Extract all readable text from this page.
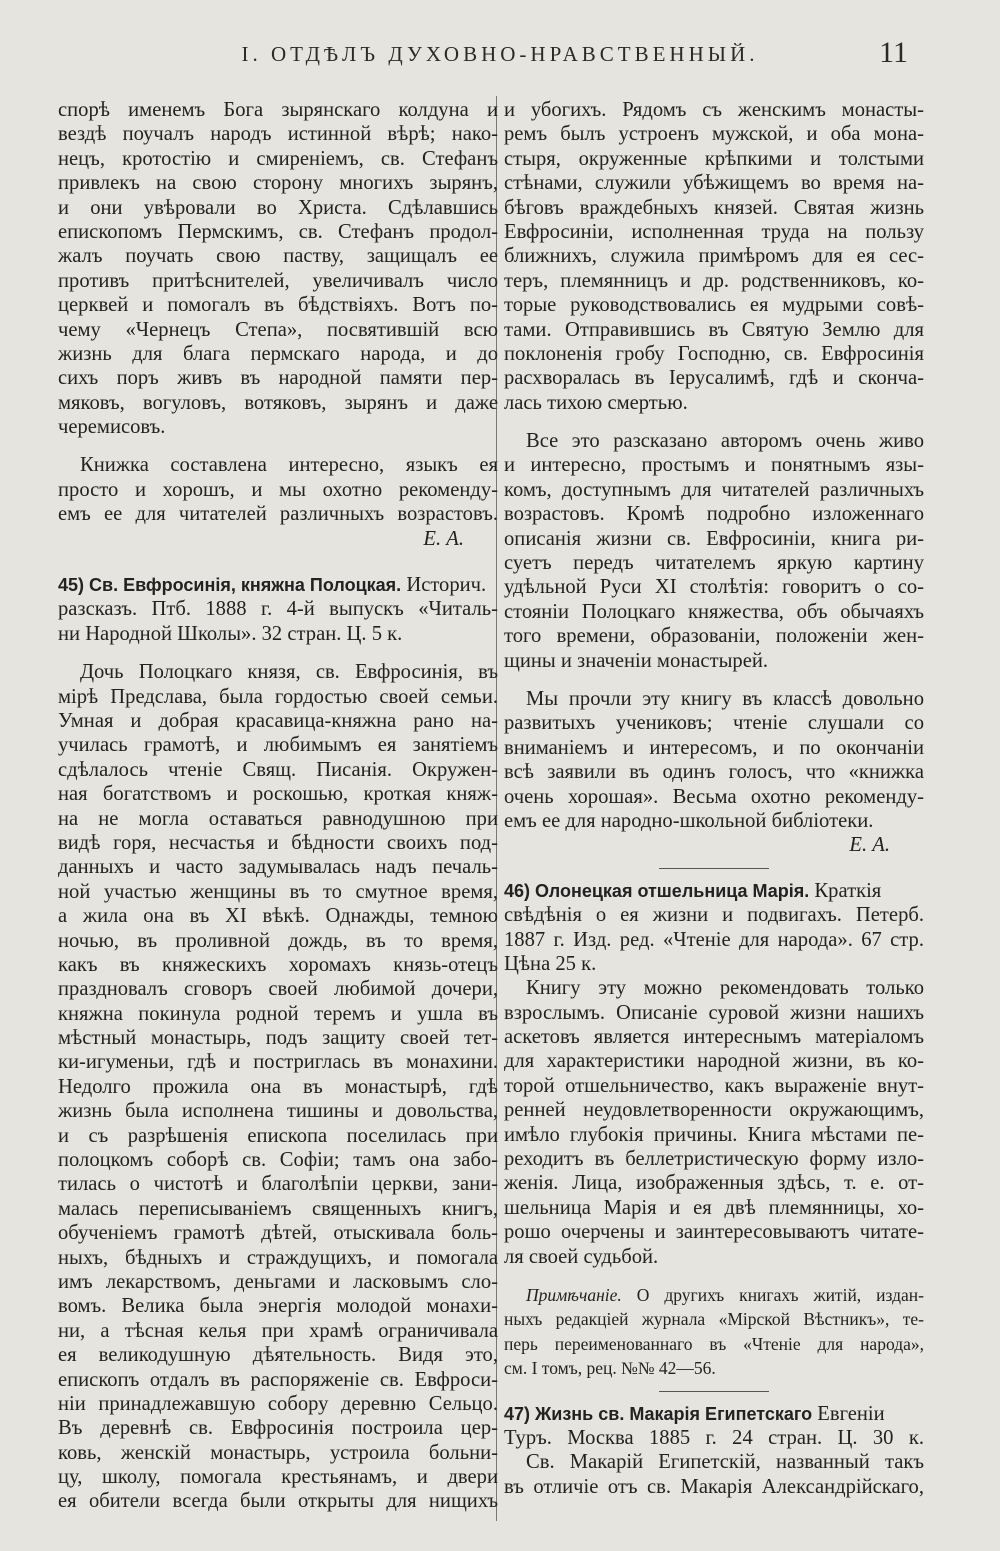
I. ОТДѢЛЪ ДУХОВНО-НРАВСТВЕННЫЙ.	11
спорѣ именемъ Бога зырянскаго колдуна и
вездѣ поучалъ народъ истинной вѣрѣ; нако-
нецъ, кротостію и смиреніемъ, св. Стефанъ
привлекъ на свою сторону многихъ зырянъ,
и они увѣровали во Христа. Сдѣлавшись
епископомъ Пермскимъ, св. Стефанъ продол-
жалъ поучать свою паству, защищалъ ее
противъ притѣснителей, увеличивалъ число
церквей и помогалъ въ бѣдствіяхъ. Вотъ по-
чему «Чернецъ Степа», посвятившій всю
жизнь для блага пермскаго народа, и до
сихъ поръ живъ въ народной памяти пер-
мяковъ, вогуловъ, вотяковъ, зырянъ и даже
черемисовъ.
Книжка составлена интересно, языкъ ея
просто и хорошъ, и мы охотно рекоменду-
емъ ее для читателей различныхъ возрастовъ.
Е. А.
45) Св. Евфросинія, княжна Полоцкая. Историч.
разсказъ. Птб. 1888 г. 4-й выпускъ «Читаль-
ни Народной Школы». 32 стран. Ц. 5 к.
Дочь Полоцкаго князя, св. Евфросинія, въ
мірѣ Предслава, была гордостью своей семьи.
Умная и добрая красавица-княжна рано на-
училась грамотѣ, и любимымъ ея занятіемъ
сдѣлалось чтеніе Свящ. Писанія. Окружен-
ная богатствомъ и роскошью, кроткая княж-
на не могла оставаться равнодушною при
видѣ горя, несчастья и бѣдности своихъ под-
данныхъ и часто задумывалась надъ печаль-
ной участью женщины въ то смутное время,
а жила она въ XI вѣкѣ. Однажды, темною
ночью, въ проливной дождь, въ то время,
какъ въ княжескихъ хоромахъ князь-отецъ
праздновалъ сговоръ своей любимой дочери,
княжна покинула родной теремъ и ушла въ
мѣстный монастырь, подъ защиту своей тет-
ки-игуменьи, гдѣ и постриглась въ монахини.
Недолго прожила она въ монастырѣ, гдѣ
жизнь была исполнена тишины и довольства,
и съ разрѣшенія епископа поселилась при
полоцкомъ соборѣ св. Софіи; тамъ она забо-
тилась о чистотѣ и благолѣпіи церкви, зани-
малась переписываніемъ священныхъ книгъ,
обученіемъ грамотѣ дѣтей, отыскивала боль-
ныхъ, бѣдныхъ и страждущихъ, и помогала
имъ лекарствомъ, деньгами и ласковымъ сло-
вомъ. Велика была энергія молодой монахи-
ни, а тѣсная келья при храмѣ ограничивала
ея великодушную дѣятельность. Видя это,
епископъ отдалъ въ распоряженіе св. Евфроси-
ніи принадлежавшую собору деревню Сельцо.
Въ деревнѣ св. Евфросинія построила цер-
ковь, женскій монастырь, устроила больни-
цу, школу, помогала крестьянамъ, и двери
ея обители всегда были открыты для нищихъ
и убогихъ. Рядомъ съ женскимъ монасты-
ремъ былъ устроенъ мужской, и оба мона-
стыря, окруженные крѣпкими и толстыми
стѣнами, служили убѣжищемъ во время на-
бѣговъ враждебныхъ князей. Святая жизнь
Евфросиніи, исполненная труда на пользу
ближнихъ, служила примѣромъ для ея сес-
теръ, племянницъ и др. родственниковъ, ко-
торые руководствовались ея мудрыми совѣ-
тами. Отправившись въ Святую Землю для
поклоненія гробу Господню, св. Евфросинія
расхворалась въ Іерусалимѣ, гдѣ и сконча-
лась тихою смертью.
Все это разсказано авторомъ очень живо
и интересно, простымъ и понятнымъ язы-
комъ, доступнымъ для читателей различныхъ
возрастовъ. Кромѣ подробно изложеннаго
описанія жизни св. Евфросиніи, книга ри-
суетъ передъ читателемъ яркую картину
удѣльной Руси XI столѣтія: говоритъ о со-
стояніи Полоцкаго княжества, объ обычаяхъ
того времени, образованіи, положеніи жен-
щины и значеніи монастырей.
Мы прочли эту книгу въ классѣ довольно
развитыхъ учениковъ; чтеніе слушали со
вниманіемъ и интересомъ, и по окончаніи
всѣ заявили въ одинъ голосъ, что «книжка
очень хорошая». Весьма охотно рекоменду-
емъ ее для народно-школьной библіотеки.
Е. А.
46) Олонецкая отшельница Марія. Краткія
свѣдѣнія о ея жизни и подвигахъ. Петерб.
1887 г. Изд. ред. «Чтеніе для народа». 67 стр.
Цѣна 25 к.
Книгу эту можно рекомендовать только
взрослымъ. Описаніе суровой жизни нашихъ
аскетовъ является интереснымъ матеріаломъ
для характеристики народной жизни, въ ко-
торой отшельничество, какъ выраженіе внут-
ренней неудовлетворенности окружающимъ,
имѣло глубокія причины. Книга мѣстами пе-
реходитъ въ беллетристическую форму изло-
женія. Лица, изображенныя здѣсь, т. е. от-
шельница Марія и ея двѣ племянницы, хо-
рошо очерчены и заинтересовываютъ читате-
ля своей судьбой.
Примѣчаніе. О другихъ книгахъ житій, издан-
ныхъ редакціей журнала «Мірской Вѣстникъ», те-
перь переименованнаго въ «Чтеніе для народа»,
см. I томъ, рец. №№ 42—56.
47) Жизнь св. Макарія Египетскаго Евгеніи
Туръ. Москва 1885 г. 24 стран. Ц. 30 к.
Св. Макарій Египетскій, названный такъ
въ отличіе отъ св. Макарія Александрійскаго,
